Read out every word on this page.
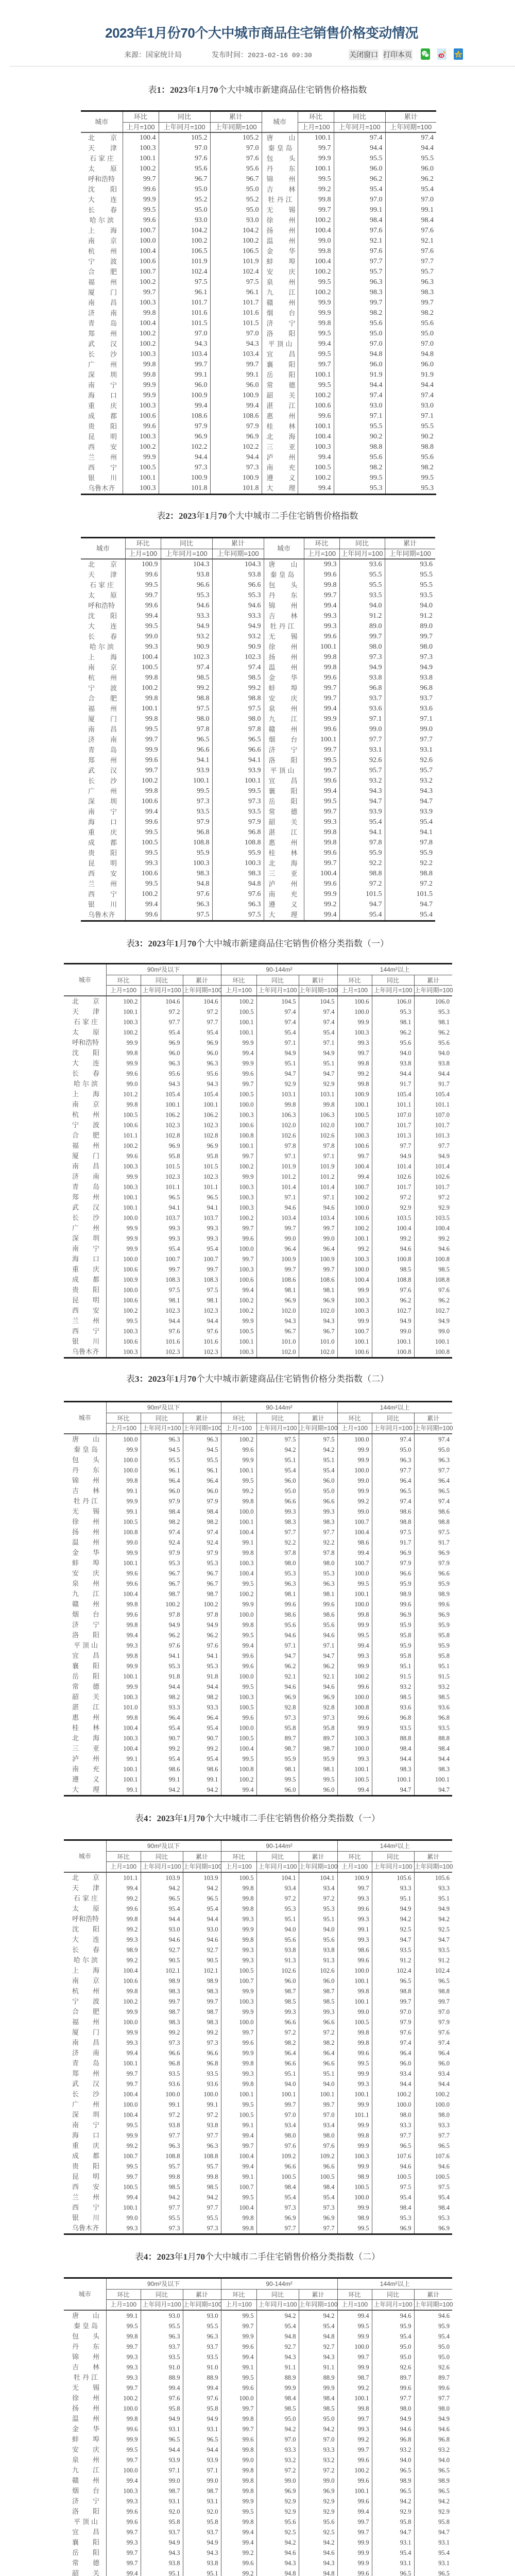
2023年1月份70个大中城市商品住宅销售价格变动情况
来源：国家统计局	发布时间：2023-02-16 09:30	关闭窗口 打印本页
表1：2023年1月70个大中城市新建商品住宅销售价格指数
城市	环比	同比	累计	城市	环比	同比	累计
	上月=100	上年同月=100	上年同期=100		上月=100	上年同月=100	上年同期=100
北京	100.4	105.2	105.2	唐山	100.1	97.4	97.4
天津	100.3	97.0	97.0	秦皇岛	99.7	94.4	94.4
石家庄	100.1	97.6	97.6	包头	99.9	95.5	95.5
太原	100.2	95.6	95.6	丹东	100.1	96.0	96.0
呼和浩特	99.7	96.7	96.7	锦州	99.5	96.2	96.2
沈阳	99.6	95.0	95.0	吉林	99.2	95.4	95.4
大连	99.9	95.2	95.2	牡丹江	99.8	97.0	97.0
长春	99.5	95.0	95.0	无锡	99.7	99.1	99.1
哈尔滨	99.6	93.0	93.0	徐州	100.2	98.4	98.4
上海	100.7	104.2	104.2	扬州	100.4	97.6	97.6
南京	100.0	100.2	100.2	温州	99.0	92.1	92.1
杭州	100.4	106.5	106.5	金华	99.8	97.6	97.6
宁波	100.6	101.9	101.9	蚌埠	100.4	97.7	97.7
合肥	100.7	102.4	102.4	安庆	100.2	95.7	95.7
福州	100.2	97.5	97.5	泉州	99.5	96.3	96.3
厦门	99.7	96.1	96.1	九江	100.2	98.3	98.3
南昌	100.3	101.7	101.7	赣州	99.9	99.7	99.7
济南	99.8	101.6	101.6	烟台	99.9	98.2	98.2
青岛	100.4	101.5	101.5	济宁	99.8	95.6	95.6
郑州	100.2	97.0	97.0	洛阳	99.5	95.0	95.0
武汉	100.2	94.3	94.3	平顶山	99.4	97.0	97.0
长沙	100.3	103.4	103.4	宜昌	99.5	94.8	94.8
广州	99.8	99.7	99.7	襄阳	99.7	96.0	96.0
深圳	99.8	99.1	99.1	岳阳	100.1	91.9	91.9
南宁	99.9	96.0	96.0	常德	99.5	94.4	94.4
海口	99.9	100.9	100.9	韶关	100.2	97.4	97.4
重庆	100.3	99.4	99.4	湛江	100.6	93.0	93.0
成都	100.6	108.6	108.6	惠州	99.6	97.1	97.1
贵阳	99.6	97.9	97.9	桂林	100.1	95.5	95.5
昆明	100.3	96.9	96.9	北海	100.4	90.2	90.2
西安	100.2	102.2	102.2	三亚	100.3	98.8	98.8
兰州	99.9	94.4	94.4	泸州	99.4	95.6	95.6
西宁	100.5	97.3	97.3	南充	100.5	98.2	98.2
银川	100.1	100.9	100.9	遵义	100.2	99.5	99.5
乌鲁木齐	100.3	101.8	101.8	大理	99.4	95.3	95.3
表2：2023年1月70个大中城市二手住宅销售价格指数
城市	环比	同比	累计	城市	环比	同比	累计
	上月=100	上年同月=100	上年同期=100		上月=100	上年同月=100	上年同期=100
北京	100.9	104.3	104.3	唐山	99.3	93.6	93.6
天津	99.6	93.8	93.8	秦皇岛	99.6	95.5	95.5
石家庄	99.5	96.6	96.6	包头	99.8	95.5	95.5
太原	99.7	95.3	95.3	丹东	99.7	93.5	93.5
呼和浩特	99.6	94.6	94.6	锦州	99.4	94.0	94.0
沈阳	99.4	93.3	93.3	吉林	99.3	91.2	91.2
大连	99.5	94.9	94.9	牡丹江	99.3	89.0	89.0
长春	99.0	93.2	93.2	无锡	99.6	99.7	99.7
哈尔滨	99.3	90.9	90.9	徐州	100.1	98.0	98.0
上海	100.4	102.3	102.3	扬州	99.8	97.3	97.3
南京	100.5	97.4	97.4	温州	99.8	94.9	94.9
杭州	99.8	98.5	98.5	金华	99.6	93.8	93.8
宁波	100.2	99.2	99.2	蚌埠	99.7	96.8	96.8
合肥	99.8	98.8	98.8	安庆	99.7	93.7	93.7
福州	100.1	97.5	97.5	泉州	99.4	93.6	93.6
厦门	99.8	98.0	98.0	九江	99.9	97.1	97.1
南昌	99.5	97.8	97.8	赣州	99.6	99.0	99.0
济南	99.7	96.5	96.5	烟台	100.1	97.7	97.7
青岛	99.9	96.6	96.6	济宁	99.7	93.1	93.1
郑州	99.6	94.1	94.1	洛阳	99.5	92.6	92.6
武汉	99.7	93.9	93.9	平顶山	99.7	95.7	95.7
长沙	100.2	100.1	100.1	宜昌	99.6	93.2	93.2
广州	99.8	99.5	99.5	襄阳	99.4	94.3	94.3
深圳	100.6	97.3	97.3	岳阳	99.5	94.7	94.7
南宁	99.4	93.5	93.5	常德	99.7	93.9	93.9
海口	99.6	97.9	97.9	韶关	99.3	95.4	95.4
重庆	99.5	96.8	96.8	湛江	99.8	94.1	94.1
成都	100.5	108.8	108.8	惠州	99.8	97.8	97.8
贵阳	99.5	95.9	95.9	桂林	99.6	95.9	95.9
昆明	99.3	100.3	100.3	北海	99.7	92.2	92.2
西安	100.6	98.3	98.3	三亚	100.4	98.8	98.8
兰州	99.5	94.8	94.8	泸州	99.6	97.2	97.2
西宁	100.2	97.6	97.6	南充	99.9	101.5	101.5
银川	99.4	96.3	96.3	遵义	99.2	94.7	94.7
乌鲁木齐	99.6	97.5	97.5	大理	99.4	95.4	95.4
表3：2023年1月70个大中城市新建商品住宅销售价格分类指数（一）
城市	90m²及以下			90-144m²			144m²以上		
	环比	同比	累计	环比	同比	累计	环比	同比	累计
	上月=100	上年同月=100	上年同期=100	上月=100	上年同月=100	上年同期=100	上月=100	上年同月=100	上年同期=100
北京	100.2	104.6	104.6	100.2	104.5	104.5	100.6	106.0	106.0
天津	100.1	97.2	97.2	100.5	97.4	97.4	100.0	95.3	95.3
石家庄	100.3	97.7	97.7	100.1	97.4	97.4	99.9	98.1	98.1
太原	100.2	95.4	95.4	100.1	95.4	95.4	100.3	96.2	96.2
呼和浩特	99.9	96.9	96.9	99.9	97.1	97.1	99.3	95.6	95.6
沈阳	99.8	96.0	96.0	99.4	94.9	94.9	99.7	94.0	94.0
大连	99.9	96.3	96.3	99.9	95.1	95.1	99.8	93.8	93.8
长春	99.6	95.6	95.6	99.6	94.7	94.7	99.2	94.4	94.4
哈尔滨	99.0	94.3	94.3	99.7	92.9	92.9	99.8	91.7	91.7
上海	101.2	105.4	105.4	100.5	103.1	103.1	100.9	105.4	105.4
南京	99.8	100.1	100.1	100.0	99.8	99.8	100.1	101.1	101.1
杭州	100.5	106.2	106.2	100.3	106.3	106.3	100.5	107.0	107.0
宁波	100.6	102.3	102.3	100.6	102.0	102.0	100.7	101.7	101.7
合肥	101.1	102.8	102.8	100.8	102.6	102.6	100.3	101.3	101.3
福州	100.2	96.9	96.9	100.1	97.8	97.8	100.6	97.7	97.7
厦门	99.6	95.8	95.8	99.7	97.1	97.1	99.7	94.9	94.9
南昌	100.3	101.5	101.5	100.2	101.9	101.9	100.4	101.4	101.4
济南	99.9	102.3	102.3	99.9	101.2	101.2	99.4	102.6	102.6
青岛	100.3	101.1	101.1	100.3	101.4	101.4	100.7	101.7	101.7
郑州	100.1	96.5	96.5	100.3	97.1	97.1	100.2	97.2	97.2
武汉	100.1	94.1	94.1	100.3	94.6	94.6	100.0	92.9	92.9
长沙	100.0	103.7	103.7	100.2	103.4	103.4	100.6	103.5	103.5
广州	99.9	99.3	99.3	99.7	99.7	99.7	100.2	100.4	100.4
深圳	99.9	99.3	99.3	99.6	99.0	99.0	100.1	99.2	99.2
南宁	99.9	95.4	95.4	100.0	96.4	96.4	99.2	94.6	94.6
海口	100.0	100.7	100.7	99.7	100.9	100.9	100.3	100.8	100.8
重庆	100.6	99.7	99.7	100.3	99.7	99.7	100.0	98.5	98.5
成都	100.9	108.3	108.3	100.6	108.6	108.6	100.4	108.8	108.8
贵阳	100.0	97.5	97.5	99.4	98.1	98.1	99.9	97.6	97.6
昆明	100.6	98.1	98.1	100.2	96.9	96.9	100.3	96.2	96.2
西安	100.2	102.3	102.3	100.2	102.0	102.0	100.3	102.7	102.7
兰州	99.5	94.4	94.4	99.9	94.3	94.3	99.9	94.9	94.9
西宁	100.3	97.6	97.6	100.5	96.7	96.7	100.7	99.0	99.0
银川	100.6	101.6	101.6	100.1	101.0	101.0	100.1	100.1	100.1
乌鲁木齐	100.3	102.3	102.3	100.3	102.0	102.0	100.6	100.8	100.8
表3：2023年1月70个大中城市新建商品住宅销售价格分类指数（二）
城市	90m²及以下			90-144m²			144m²以上		
	环比	同比	累计	环比	同比	累计	环比	同比	累计
	上月=100	上年同月=100	上年同期=100	上月=100	上年同月=100	上年同期=100	上月=100	上年同月=100	上年同期=100
唐山	100.0	96.3	96.3	100.2	97.5	97.5	100.0	97.4	97.4
秦皇岛	99.9	94.5	94.5	99.6	94.2	94.2	99.9	95.0	95.0
包头	100.0	95.5	95.5	99.9	95.1	95.1	99.9	96.3	96.3
丹东	100.0	96.1	96.1	100.1	95.4	95.4	100.0	97.7	97.7
锦州	99.8	96.4	96.4	99.5	96.0	96.0	99.0	96.4	96.4
吉林	99.1	96.0	96.0	99.2	95.0	95.0	99.9	96.5	96.5
牡丹江	99.9	97.9	97.9	99.8	96.6	96.6	99.2	97.4	97.4
无锡	99.1	98.4	98.4	100.0	99.3	99.3	99.0	98.6	98.6
徐州	100.5	98.2	98.2	100.1	98.3	98.3	100.7	98.8	98.8
扬州	100.8	97.4	97.4	100.4	97.7	97.7	100.4	97.5	97.5
温州	99.0	92.4	92.4	99.1	92.2	92.2	98.6	91.7	91.7
金华	99.9	97.9	97.9	99.8	97.8	97.8	99.4	96.9	96.9
蚌埠	100.1	95.3	95.3	100.3	98.0	98.0	100.7	97.9	97.9
安庆	99.6	96.7	96.7	100.4	95.3	95.3	100.0	96.6	96.6
泉州	99.6	96.7	96.7	99.5	96.3	96.3	99.5	95.9	95.9
九江	100.4	98.7	98.7	100.2	98.1	98.1	100.1	98.9	98.9
赣州	99.8	100.2	100.2	99.9	99.6	99.6	100.0	99.6	99.6
烟台	99.6	97.8	97.8	100.0	98.6	98.6	99.8	96.9	96.9
济宁	99.8	94.9	94.9	99.8	95.6	95.6	99.9	95.9	95.9
洛阳	99.4	96.2	96.2	99.5	94.6	94.6	99.5	95.8	95.8
平顶山	99.3	97.6	97.6	99.4	97.1	97.1	99.4	95.9	95.9
宜昌	99.8	94.1	94.1	99.6	94.7	94.7	99.3	95.8	95.8
襄阳	99.9	95.3	95.3	99.6	96.2	96.2	99.9	95.1	95.1
岳阳	100.1	91.8	91.8	100.0	92.1	92.1	100.2	91.5	91.5
常德	99.9	94.4	94.4	99.5	94.6	94.6	99.6	93.2	93.2
韶关	100.3	98.2	98.2	100.3	96.9	96.9	100.0	98.5	98.5
湛江	101.0	93.3	93.3	100.5	92.8	92.8	100.8	93.6	93.6
惠州	99.8	96.4	96.4	99.6	97.3	97.3	99.6	96.8	96.8
桂林	100.4	95.4	95.4	100.0	95.8	95.8	99.9	93.5	93.5
北海	100.3	90.7	90.7	100.5	89.7	89.7	100.3	88.8	88.8
三亚	100.4	99.2	99.2	100.4	98.7	98.7	100.0	98.4	98.4
泸州	99.1	95.4	95.4	99.5	95.9	95.9	99.3	94.4	94.4
南充	100.1	98.6	98.6	100.8	98.1	98.1	100.1	98.3	98.3
遵义	100.1	99.1	99.1	100.2	99.5	99.5	100.5	100.1	100.1
大理	99.1	94.2	94.2	99.4	96.0	96.0	99.4	94.7	94.7
表4：2023年1月70个大中城市二手住宅销售价格分类指数（一）
城市	90m²及以下			90-144m²			144m²以上		
	环比	同比	累计	环比	同比	累计	环比	同比	累计
	上月=100	上年同月=100	上年同期=100	上月=100	上年同月=100	上年同期=100	上月=100	上年同月=100	上年同期=100
北京	101.1	103.9	103.9	100.5	104.1	104.1	100.9	105.6	105.6
天津	99.4	94.2	94.2	99.8	93.4	93.4	99.7	93.3	93.3
石家庄	99.2	96.5	96.5	99.8	97.2	97.2	99.3	95.1	95.1
太原	99.6	95.4	95.4	99.8	95.3	95.3	99.6	94.9	94.9
呼和浩特	99.8	94.4	94.4	99.3	95.1	95.1	99.3	94.2	94.2
沈阳	99.2	93.0	93.0	99.9	94.0	94.0	99.1	92.5	92.5
大连	99.3	94.6	94.6	99.8	95.6	95.6	99.3	94.7	94.7
长春	98.9	92.7	92.7	99.3	93.8	93.8	98.6	93.5	93.5
哈尔滨	99.2	90.5	90.5	99.3	91.3	91.3	99.6	91.2	91.2
上海	100.4	102.1	102.1	100.5	102.6	102.6	100.0	102.4	102.4
南京	100.6	98.9	98.9	100.7	96.0	96.0	100.1	96.5	96.5
杭州	99.8	98.3	98.3	99.9	98.7	98.7	99.8	98.8	98.8
宁波	100.2	99.7	99.7	100.3	98.5	98.5	100.1	99.7	99.7
合肥	99.9	98.7	98.7	99.9	99.3	99.3	99.0	97.0	97.0
福州	100.0	98.3	98.3	100.0	96.6	96.6	100.5	97.9	97.9
厦门	99.9	99.2	99.2	99.7	97.2	97.2	99.8	97.6	97.6
南昌	99.3	97.3	97.3	99.6	98.2	98.2	99.8	97.4	97.4
济南	99.4	96.6	96.6	99.9	96.4	96.4	99.6	96.4	96.4
青岛	100.1	96.8	96.8	99.8	96.6	96.6	99.5	96.0	96.0
郑州	99.7	93.5	93.5	99.3	95.1	95.1	99.9	93.4	93.4
武汉	99.7	93.6	93.6	99.8	94.0	94.0	99.3	94.4	94.4
长沙	100.4	100.0	100.0	100.1	100.1	100.1	100.1	100.2	100.2
广州	100.0	99.1	99.1	99.5	99.7	99.7	99.9	100.0	100.0
深圳	100.4	97.2	97.2	100.5	97.0	97.0	101.1	98.0	98.0
南宁	99.5	93.8	93.8	99.1	93.4	93.4	99.9	93.3	93.3
海口	99.9	97.7	97.7	99.4	98.0	98.0	99.8	97.7	97.7
重庆	99.2	96.3	96.3	99.7	97.6	97.6	99.9	96.5	96.5
成都	100.7	108.8	108.8	100.4	109.2	109.2	100.3	107.6	107.6
贵阳	99.5	95.7	95.7	99.4	96.6	96.6	99.9	94.6	94.6
昆明	99.7	99.8	99.8	99.1	100.5	100.5	98.9	100.5	100.5
西安	100.5	98.5	98.5	100.7	98.4	98.4	100.5	97.5	97.5
兰州	99.4	94.2	94.2	99.5	95.4	95.4	100.0	95.4	95.4
西宁	100.1	97.7	97.7	100.4	97.3	97.3	99.9	98.4	98.4
银川	99.0	95.5	95.5	99.8	96.9	96.9	98.9	95.3	95.3
乌鲁木齐	99.3	97.3	97.3	99.8	97.7	97.7	99.5	96.9	96.9
表4：2023年1月70个大中城市二手住宅销售价格分类指数（二）
城市	90m²及以下			90-144m²			144m²以上		
	环比	同比	累计	环比	同比	累计	环比	同比	累计
	上月=100	上年同月=100	上年同期=100	上月=100	上年同月=100	上年同期=100	上月=100	上年同月=100	上年同期=100
唐山	99.1	93.0	93.0	99.5	94.2	94.2	99.4	94.6	94.6
秦皇岛	99.5	95.5	95.5	99.7	95.4	95.4	99.5	95.9	95.9
包头	99.8	96.3	96.3	99.9	94.8	94.8	99.9	95.4	95.4
丹东	99.7	93.7	93.7	99.6	92.7	92.7	100.0	95.0	95.0
锦州	99.3	93.5	93.5	99.4	94.3	94.3	99.7	95.0	95.0
吉林	99.3	91.0	91.0	99.1	91.1	91.1	99.9	92.6	92.6
牡丹江	99.3	88.9	88.9	99.5	88.9	88.9	98.7	89.7	89.7
无锡	99.7	99.4	99.4	99.6	99.9	99.9	99.2	99.6	99.6
徐州	100.2	97.6	97.6	100.0	98.4	98.4	100.1	97.7	97.7
扬州	100.0	95.8	95.8	99.7	98.5	98.5	99.8	98.0	98.0
温州	99.8	94.9	94.9	99.8	95.0	95.0	99.7	94.9	94.9
金华	99.6	93.1	93.1	99.7	94.2	94.2	99.3	94.6	94.6
蚌埠	99.9	96.5	96.5	99.6	97.0	97.0	99.2	96.8	96.8
安庆	99.5	94.4	94.4	99.8	93.3	93.3	99.7	93.2	93.2
泉州	99.7	93.9	93.9	99.0	93.2	93.2	99.6	94.0	94.0
九江	100.0	97.1	97.1	99.8	97.2	97.2	100.2	96.5	96.5
赣州	99.4	99.0	99.0	99.8	99.0	99.0	99.6	98.9	98.9
烟台	100.3	98.7	98.7	99.8	96.9	96.9	100.1	96.5	96.5
济宁	99.3	93.1	93.1	99.9	92.9	92.9	99.6	94.2	94.2
洛阳	99.6	92.0	92.0	99.5	92.9	92.9	99.4	92.9	92.9
平顶山	99.6	95.8	95.8	99.8	95.6	95.6	99.7	95.8	95.8
宜昌	99.7	93.7	93.7	99.4	92.5	92.5	99.7	94.7	94.7
襄阳	99.3	94.9	94.9	99.4	94.2	94.2	99.9	93.1	93.1
岳阳	99.7	94.3	94.3	99.2	94.6	94.6	99.9	95.4	95.4
常德	99.7	93.8	93.8	99.6	94.3	94.3	99.9	93.1	93.1
韶关	99.4	95.1	95.1	99.2	94.8	94.8	99.6	96.5	96.5
